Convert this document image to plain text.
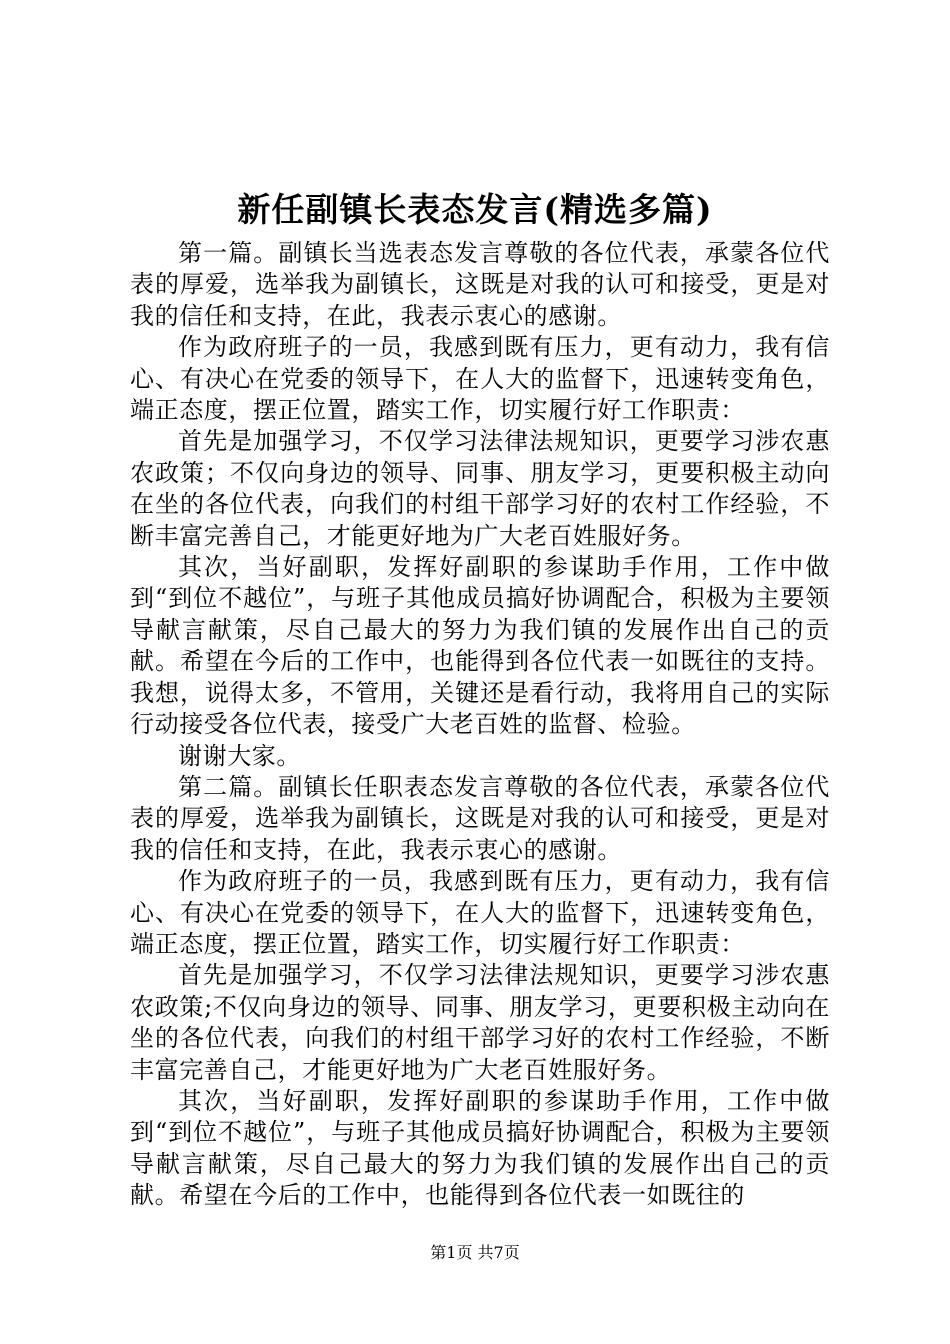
新任副镇长表态发言(精选多篇)

第一篇。副镇长当选表态发言尊敬的各位代表，承蒙各位代表的厚爱，选举我为副镇长，这既是对我的认可和接受，更是对我的信任和支持，在此，我表示衷心的感谢。

作为政府班子的一员，我感到既有压力，更有动力，我有信心、有决心在党委的领导下，在人大的监督下，迅速转变角色，端正态度，摆正位置，踏实工作，切实履行好工作职责：

首先是加强学习，不仅学习法律法规知识，更要学习涉农惠农政策；不仅向身边的领导、同事、朋友学习，更要积极主动向在坐的各位代表，向我们的村组干部学习好的农村工作经验，不断丰富完善自己，才能更好地为广大老百姓服好务。

其次，当好副职，发挥好副职的参谋助手作用，工作中做到“到位不越位”，与班子其他成员搞好协调配合，积极为主要领导献言献策，尽自己最大的努力为我们镇的发展作出自己的贡献。希望在今后的工作中，也能得到各位代表一如既往的支持。我想，说得太多，不管用，关键还是看行动，我将用自己的实际行动接受各位代表，接受广大老百姓的监督、检验。

谢谢大家。

第二篇。副镇长任职表态发言尊敬的各位代表，承蒙各位代表的厚爱，选举我为副镇长，这既是对我的认可和接受，更是对我的信任和支持，在此，我表示衷心的感谢。

作为政府班子的一员，我感到既有压力，更有动力，我有信心、有决心在党委的领导下，在人大的监督下，迅速转变角色，端正态度，摆正位置，踏实工作，切实履行好工作职责：

首先是加强学习，不仅学习法律法规知识，更要学习涉农惠农政策;不仅向身边的领导、同事、朋友学习，更要积极主动向在坐的各位代表，向我们的村组干部学习好的农村工作经验，不断丰富完善自己，才能更好地为广大老百姓服好务。

其次，当好副职，发挥好副职的参谋助手作用，工作中做到“到位不越位”，与班子其他成员搞好协调配合，积极为主要领导献言献策，尽自己最大的努力为我们镇的发展作出自己的贡献。希望在今后的工作中，也能得到各位代表一如既往的

第1页 共7页
